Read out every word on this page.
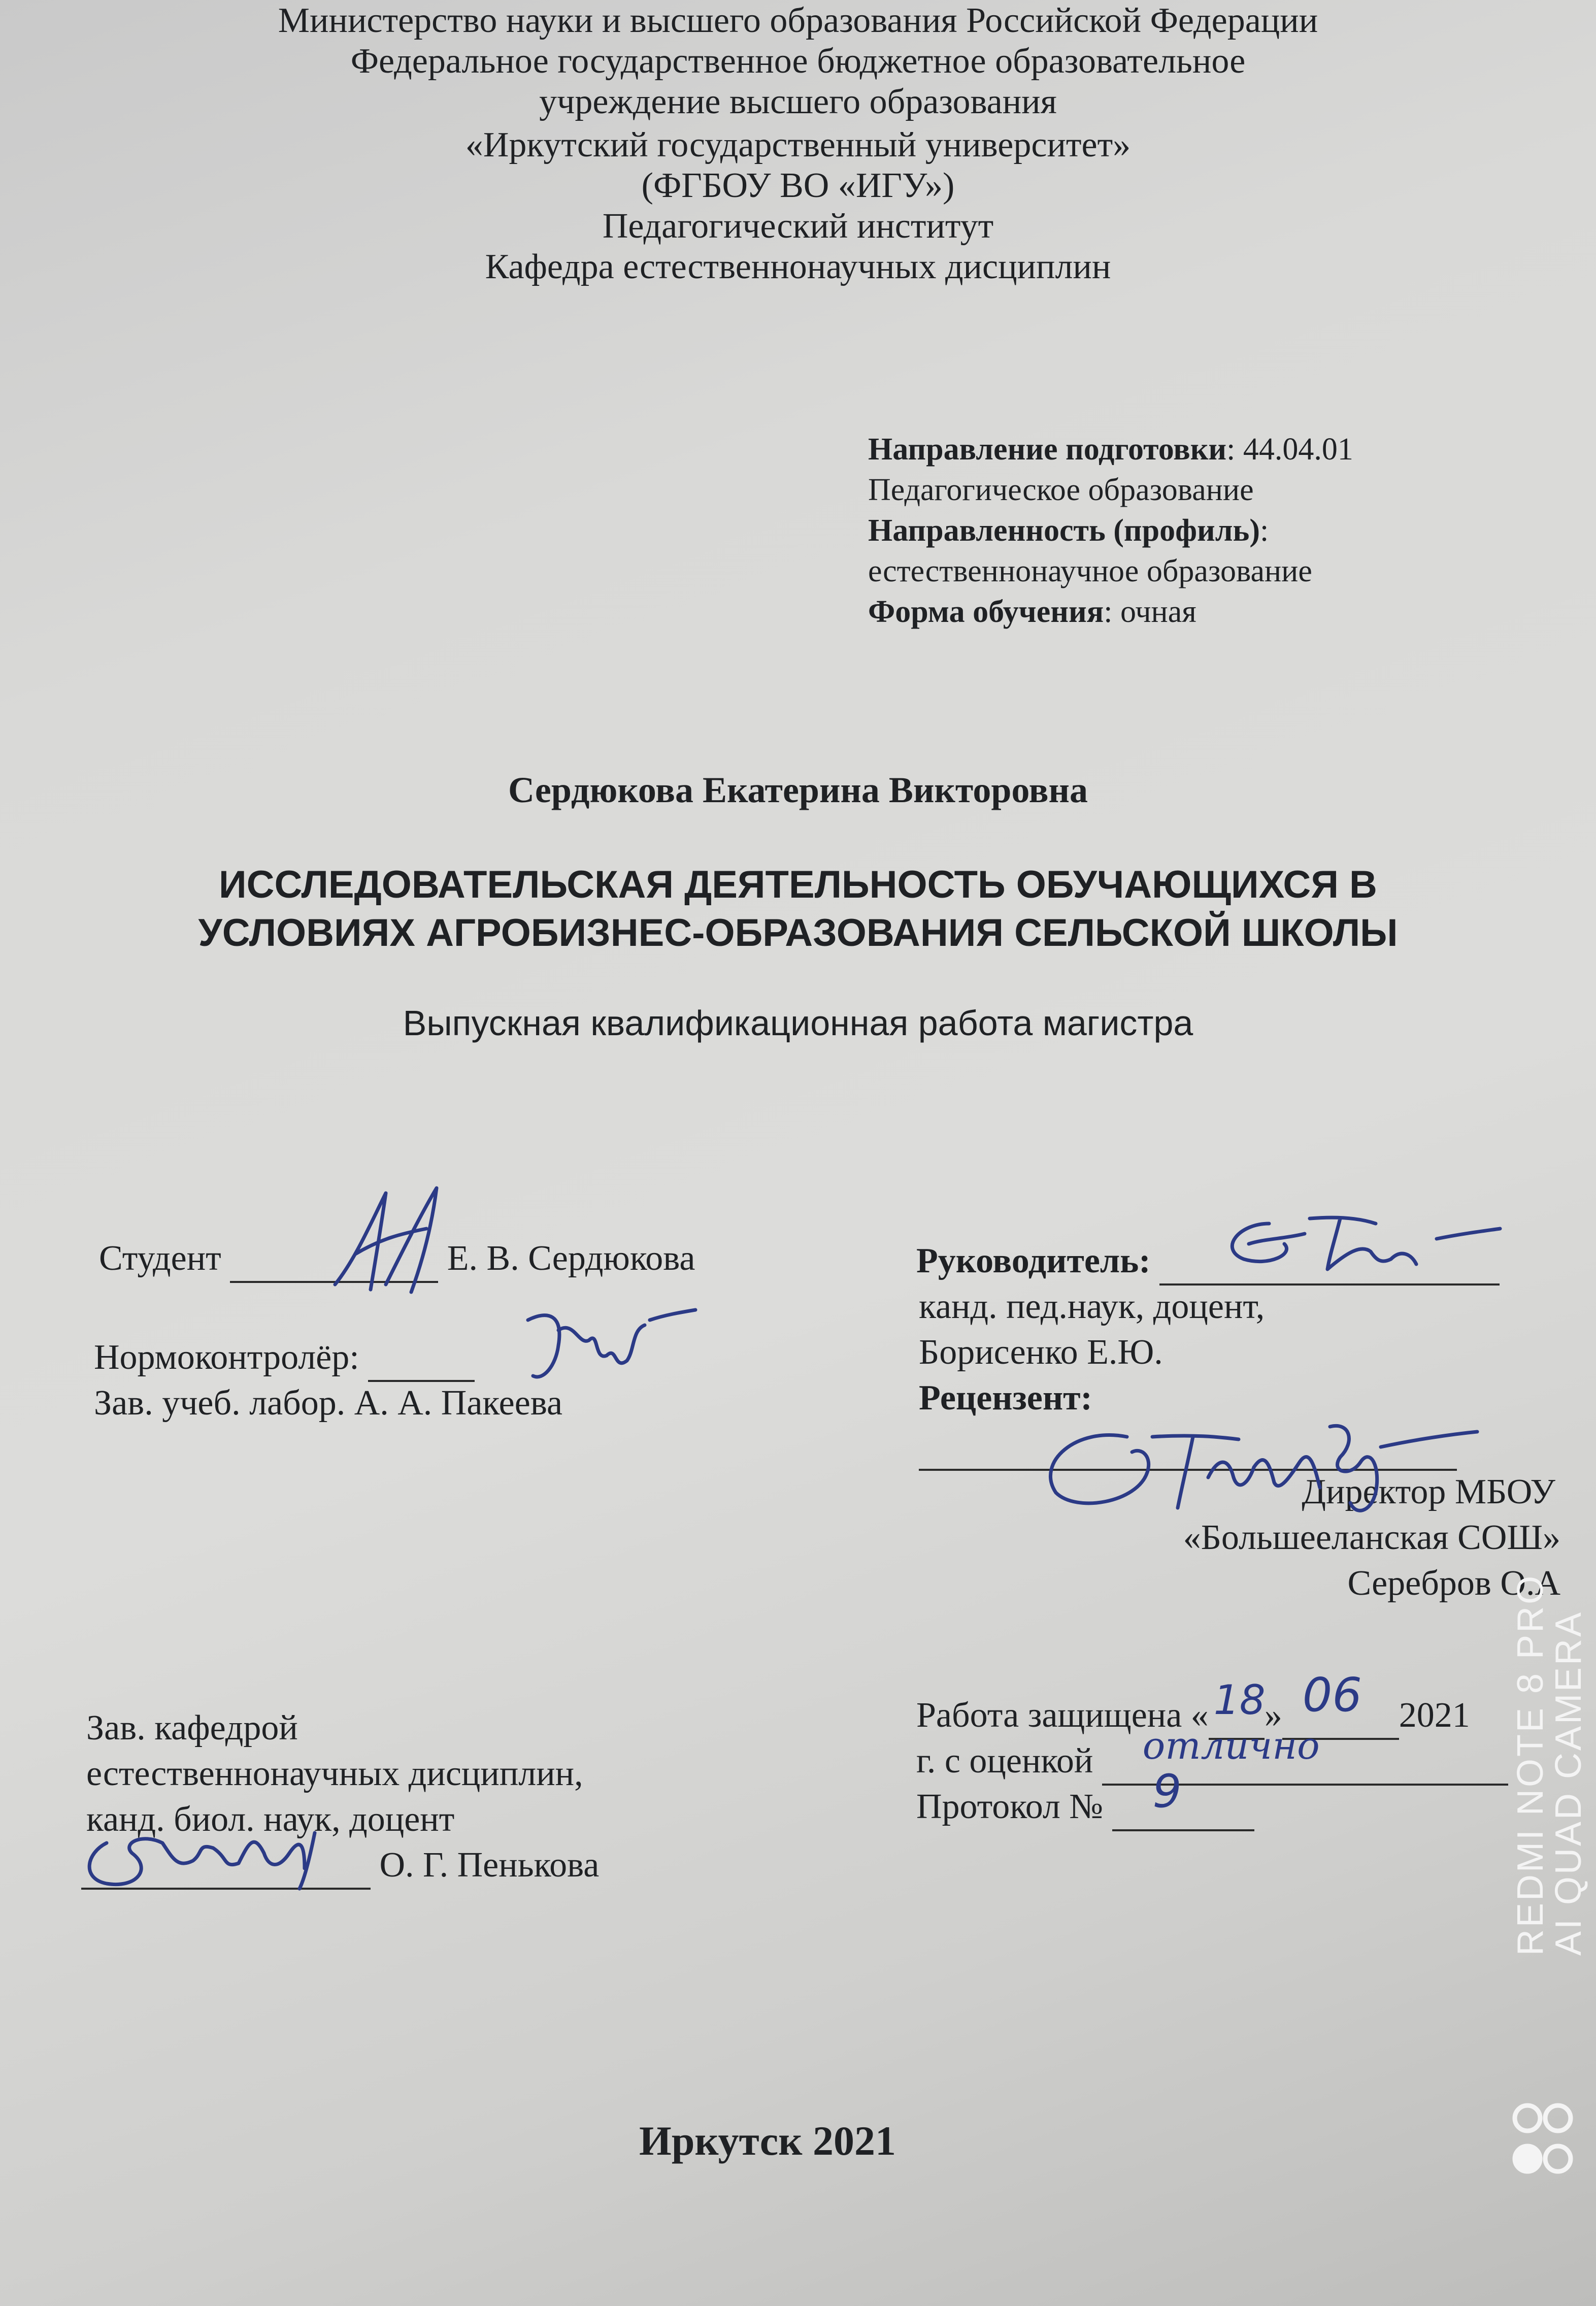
Министерство науки и высшего образования Российской Федерации

Федеральное государственное бюджетное образовательное

учреждение высшего образования

«Иркутский государственный университет»

(ФГБОУ ВО «ИГУ»)

Педагогический институт

Кафедра естественнонаучных дисциплин

Направление подготовки: 44.04.01

Педагогическое образование

Направленность (профиль):

естественнонаучное образование

Форма обучения: очная

Сердюкова Екатерина Викторовна

ИССЛЕДОВАТЕЛЬСКАЯ ДЕЯТЕЛЬНОСТЬ ОБУЧАЮЩИХСЯ В

УСЛОВИЯХ АГРОБИЗНЕС-ОБРАЗОВАНИЯ СЕЛЬСКОЙ ШКОЛЫ

Выпускная квалификационная работа магистра

Студент	Е. В. Сердюкова

Нормоконтролёр:

Зав. учеб. лабор. А. А. Пакеева

Зав. кафедрой

естественнонаучных дисциплин,

канд. биол. наук, доцент

О. Г. Пенькова

Руководитель:

канд. пед.наук, доцент,

Борисенко Е.Ю.

Рецензент:

Директор МБОУ

«Большееланская СОШ»

Серебров О.А

Работа защищена « 18
» 06 2021

г. с оценкой отлично

Протокол № 9

Иркутск 2021

REDMI NOTE 8 PRO
AI QUAD CAMERA
